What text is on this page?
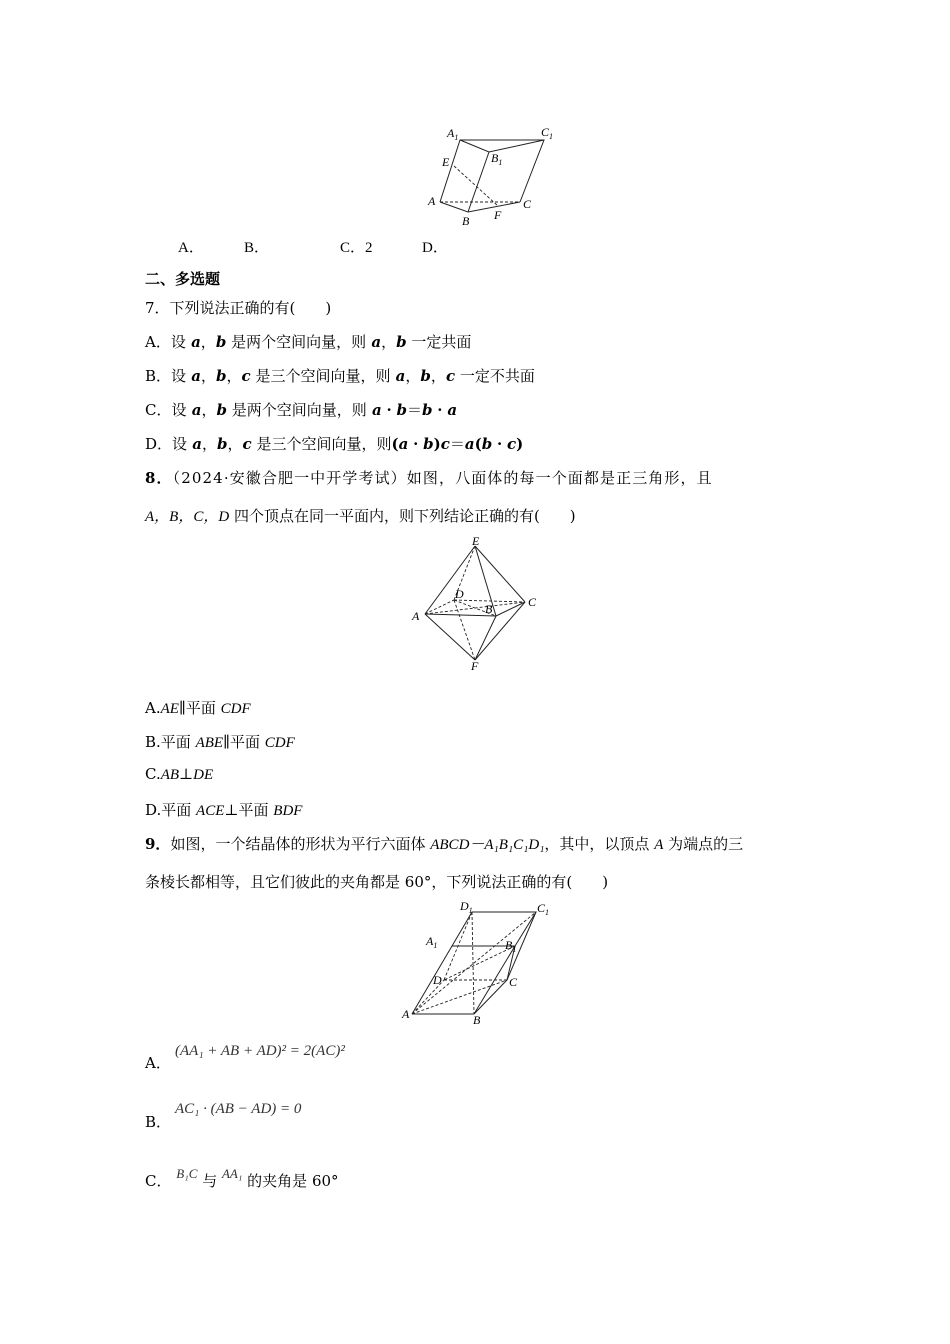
$A_1$	$C_1$
E	$B_1$
A	C
B F
A．	B．	C．2	D．
二、多选题
7．下列说法正确的有(　　)
A．设 a，b 是两个空间向量，则 a，b 一定共面
B．设 a，b，c 是三个空间向量，则 a，b，c 一定不共面
C．设 a，b 是两个空间向量，则 a · b＝b · a
D．设 a，b，c 是三个空间向量，则(a · b)c＝a(b · c)
8．（2024·安徽合肥一中开学考试）如图，八面体的每一个面都是正三角形，且
A，B，C，D 四个顶点在同一平面内，则下列结论正确的有(　　)
E
D
B	C
A
F
A.AE∥平面 CDF
B.平面 ABE∥平面 CDF
C.AB⊥DE
D.平面 ACE⊥平面 BDF
9．如图，一个结晶体的形状为平行六面体 ABCD－A₁B₁C₁D₁，其中，以顶点 A 为端点的三
条棱长都相等，且它们彼此的夹角都是 60°，下列说法正确的有(　　)
$D_1$	$C_1$
$A_1$	$B_1$
D	C
A	B
A．
(AA₁ + AB + AD)² = 2(AC)²
B．
AC₁ · (AB − AD) = 0
C． B₁C 与 AA₁ 的夹角是 60°
